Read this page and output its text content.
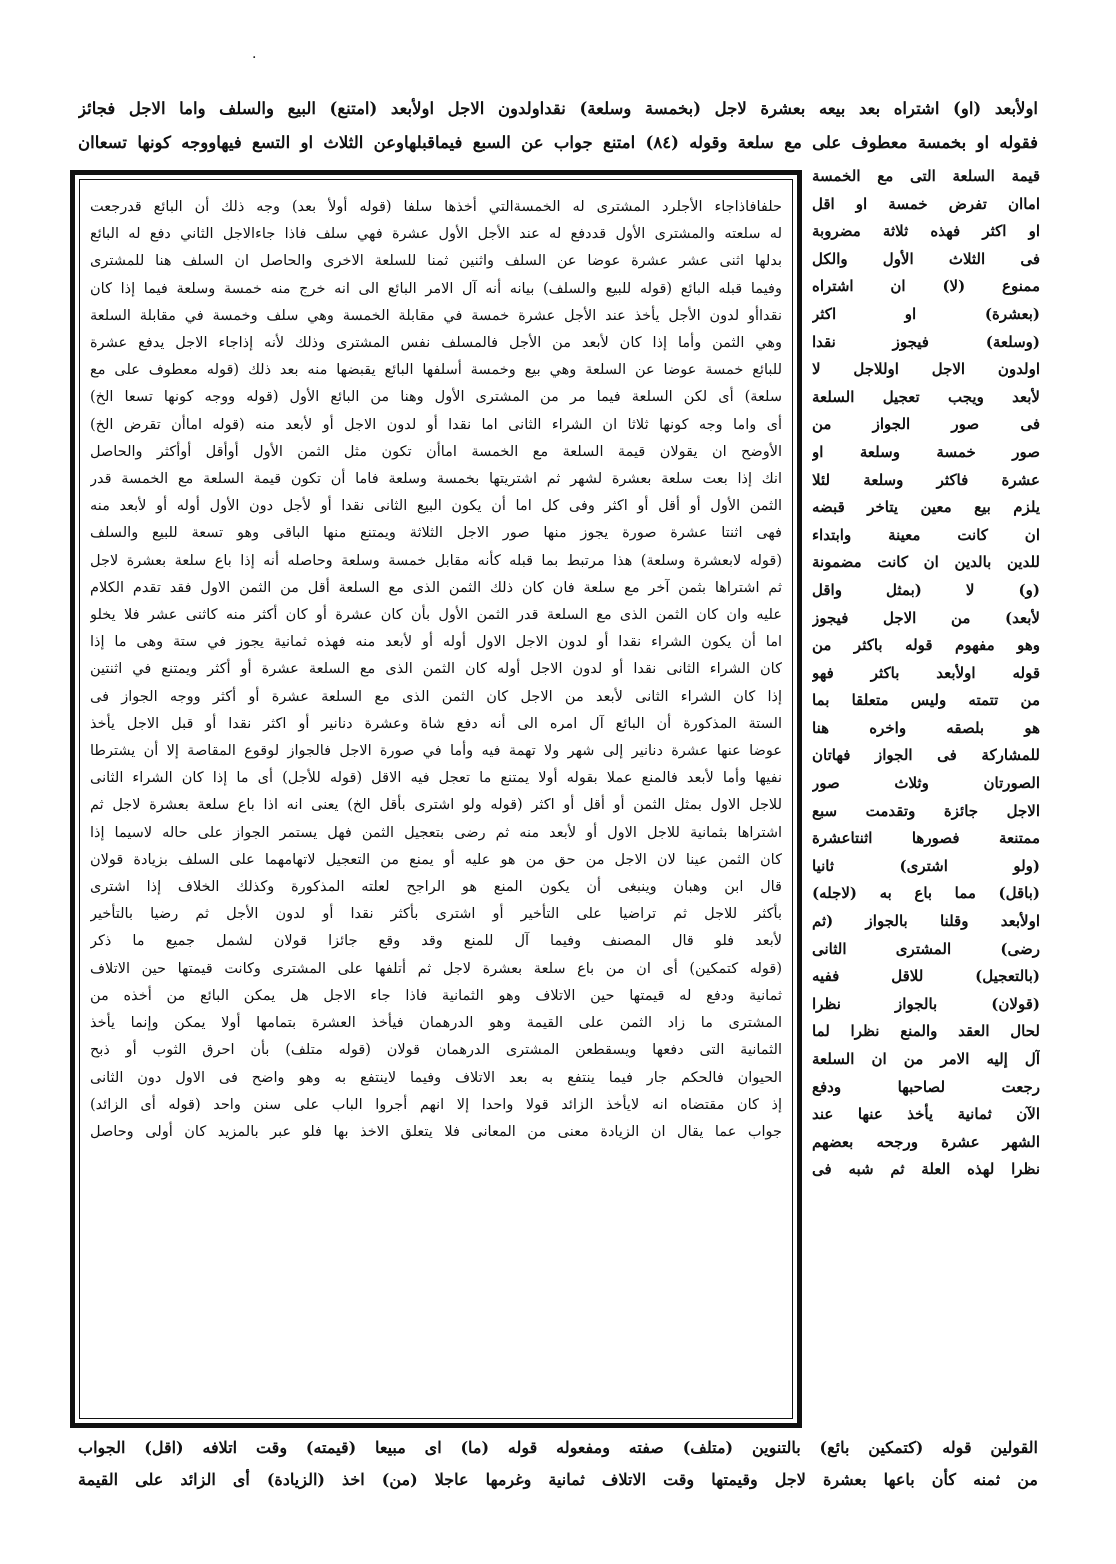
·
اولأبعد (او) اشتراه بعد بيعه بعشرة لاجل (بخمسة وسلعة) نقداولدون الاجل اولأبعد (امتنع) البيع والسلف واما الاجل فجائز
فقوله او بخمسة معطوف على مع سلعة وقوله (٨٤) امتنع جواب عن السبع فيماقبلهاوعن الثلاث او التسع فيهاووجه كونها تسعاان
حلفافاذاجاء الأجلرد المشترى له الخمسةالتي أخذها سلفا (قوله أولأ بعد) وجه ذلك أن البائع قدرجعت
له سلعته والمشترى الأول قددفع له عند الأجل الأول عشرة فهي سلف فاذا جاءالاجل الثاني دفع له البائع
بدلها اثنى عشر عشرة عوضا عن السلف واثنين ثمنا للسلعة الاخرى والحاصل ان السلف هنا للمشترى
وفيما قبله البائع (قوله للبيع والسلف) بيانه أنه آل الامر البائع الى انه خرج منه خمسة وسلعة فيما إذا كان
نقداأو لدون الأجل يأخذ عند الأجل عشرة خمسة في مقابلة الخمسة وهي سلف وخمسة في مقابلة السلعة
وهي الثمن وأما إذا كان لأبعد من الأجل فالمسلف نفس المشترى وذلك لأنه إذاجاء الاجل يدفع عشرة
للبائع خمسة عوضا عن السلعة وهي بيع وخمسة أسلفها البائع يقبضها منه بعد ذلك (قوله معطوف على مع
سلعة) أى لكن السلعة فيما مر من المشترى الأول وهنا من البائع الأول (قوله ووجه كونها تسعا الخ)
أى واما وجه كونها ثلاثا ان الشراء الثانى اما نقدا أو لدون الاجل أو لأبعد منه (قوله اماأن تقرض الخ)
الأوضح ان يقولان قيمة السلعة مع الخمسة اماأن تكون مثل الثمن الأول أوأقل أوأكثر والحاصل
انك إذا بعت سلعة بعشرة لشهر ثم اشتريتها بخمسة وسلعة فاما أن تكون قيمة السلعة مع الخمسة قدر
الثمن الأول أو أقل أو اكثر وفى كل اما أن يكون البيع الثانى نقدا أو لأجل دون الأول أوله أو لأبعد منه
فهى اثنتا عشرة صورة يجوز منها صور الاجل الثلاثة ويمتنع منها الباقى وهو تسعة للبيع والسلف
(قوله لابعشرة وسلعة) هذا مرتبط بما قبله كأنه مقابل خمسة وسلعة وحاصله أنه إذا باع سلعة بعشرة لاجل
ثم اشتراها بثمن آخر مع سلعة فان كان ذلك الثمن الذى مع السلعة أقل من الثمن الاول فقد تقدم الكلام
عليه وان كان الثمن الذى مع السلعة قدر الثمن الأول بأن كان عشرة أو كان أكثر منه كاثنى عشر فلا يخلو
اما أن يكون الشراء نقدا أو لدون الاجل الاول أوله أو لأبعد منه فهذه ثمانية يجوز في ستة وهى ما إذا
كان الشراء الثانى نقدا أو لدون الاجل أوله كان الثمن الذى مع السلعة عشرة أو أكثر ويمتنع في اثنتين
إذا كان الشراء الثانى لأبعد من الاجل كان الثمن الذى مع السلعة عشرة أو أكثر ووجه الجواز فى
الستة المذكورة أن البائع آل امره الى أنه دفع شاة وعشرة دنانير أو اكثر نقدا أو قبل الاجل يأخذ
عوضا عنها عشرة دنانير إلى شهر ولا تهمة فيه وأما في صورة الاجل فالجواز لوقوع المقاصة إلا أن يشترطا
نفيها وأما لأبعد فالمنع عملا بقوله أولا يمتنع ما تعجل فيه الاقل (قوله للأجل) أى ما إذا كان الشراء الثانى
للاجل الاول بمثل الثمن أو أقل أو اكثر (قوله ولو اشترى بأقل الخ) يعنى انه اذا باع سلعة بعشرة لاجل ثم
اشتراها بثمانية للاجل الاول أو لأبعد منه ثم رضى بتعجيل الثمن فهل يستمر الجواز على حاله لاسيما إذا
كان الثمن عينا لان الاجل من حق من هو عليه أو يمنع من التعجيل لاتهامهما على السلف بزيادة قولان
قال ابن وهبان وينبغى أن يكون المنع هو الراجح لعلته المذكورة وكذلك الخلاف إذا اشترى
بأكثر للاجل ثم تراضيا على التأخير أو اشترى بأكثر نقدا أو لدون الأجل ثم رضيا بالتأخير
لأبعد فلو قال المصنف وفيما آل للمنع وقد وقع جائزا قولان لشمل جميع ما ذكر
(قوله كتمكين) أى ان من باع سلعة بعشرة لاجل ثم أتلفها على المشترى وكانت قيمتها حين الاتلاف
ثمانية ودفع له قيمتها حين الاتلاف وهو الثمانية فاذا جاء الاجل هل يمكن البائع من أخذه من
المشترى ما زاد الثمن على القيمة وهو الدرهمان فيأخذ العشرة بتمامها أولا يمكن وإنما يأخذ
الثمانية التى دفعها ويسقطعن المشترى الدرهمان قولان (قوله متلف) بأن احرق الثوب أو ذبح
الحيوان فالحكم جار فيما ينتفع به بعد الاتلاف وفيما لاينتفع به وهو واضح فى الاول دون الثانى
إذ كان مقتضاه انه لايأخذ الزائد قولا واحدا إلا انهم أجروا الباب على سنن واحد (قوله أى الزائد)
جواب عما يقال ان الزيادة معنى من المعانى فلا يتعلق الاخذ بها فلو عبر بالمزيد كان أولى وحاصل
قيمة السلعة التى مع الخمسة
اماان تفرض خمسة او اقل
او اكثر فهذه ثلاثة مضروبة
فى الثلاث الأول والكل
ممنوع (لا) ان اشتراه
(بعشرة) او اكثر
(وسلعة) فيجوز نقدا
اولدون الاجل اوللاجل لا
لأبعد ويجب تعجيل السلعة
فى صور الجواز من
صور خمسة وسلعة او
عشرة فاكثر وسلعة لئلا
يلزم بيع معين يتاخر قبضه
ان كانت معينة وابتداء
للدين بالدين ان كانت مضمونة
(و) لا (بمثل واقل
لأبعد) من الاجل فيجوز
وهو مفهوم قوله باكثر من
قوله اولأبعد باكثر فهو
من تتمته وليس متعلقا بما
هو بلصقه واخره هنا
للمشاركة فى الجواز فهاتان
الصورتان وثلاث صور
الاجل جائزة وتقدمت سبع
ممتنعة فصورها اثنتاعشرة
(ولو اشترى) ثانيا
(باقل) مما باع به (لاجله)
اولأبعد وقلنا بالجواز (ثم
رضى) المشترى الثانى
(بالتعجيل) للاقل ففيه
(قولان) بالجواز نظرا
لحال العقد والمنع نظرا لما
آل إليه الامر من ان السلعة
رجعت لصاحبها ودفع
الآن ثمانية يأخذ عنها عند
الشهر عشرة ورجحه بعضهم
نظرا لهذه العلة ثم شبه فى
القولين قوله (كتمكين بائع) بالتنوين (متلف) صفته ومفعوله قوله (ما) اى مبيعا (قيمته) وقت اتلافه (اقل) الجواب
من ثمنه كأن باعها بعشرة لاجل وقيمتها وقت الاتلاف ثمانية وغرمها عاجلا (من) اخذ (الزيادة) أى الزائد على القيمة
